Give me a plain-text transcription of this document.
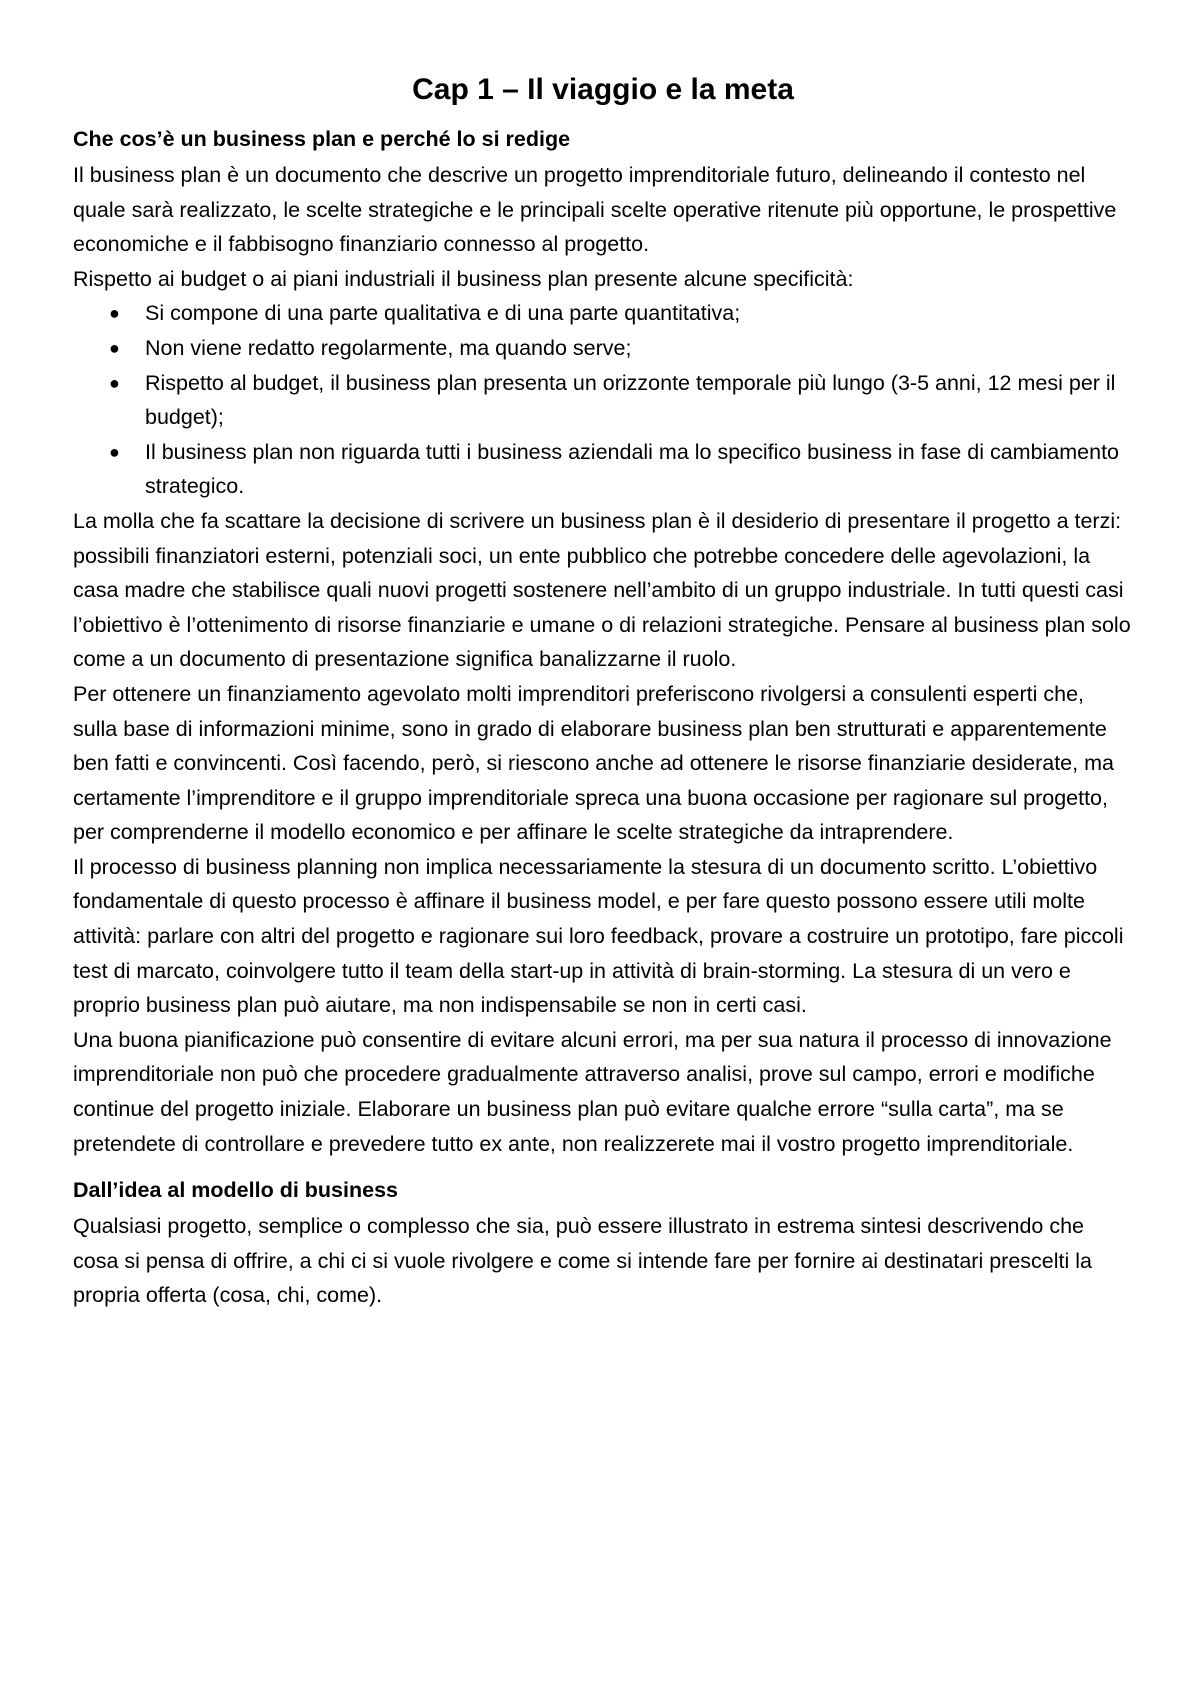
Cap 1 – Il viaggio e la meta
Che cos’è un business plan e perché lo si redige

Il business plan è un documento che descrive un progetto imprenditoriale futuro, delineando il contesto nel quale sarà realizzato, le scelte strategiche e le principali scelte operative ritenute più opportune, le prospettive economiche e il fabbisogno finanziario connesso al progetto.

Rispetto ai budget o ai piani industriali il business plan presente alcune specificità:

● Si compone di una parte qualitativa e di una parte quantitativa;
● Non viene redatto regolarmente, ma quando serve;
● Rispetto al budget, il business plan presenta un orizzonte temporale più lungo (3-5 anni, 12 mesi per il budget);
● Il business plan non riguarda tutti i business aziendali ma lo specifico business in fase di cambiamento strategico.

La molla che fa scattare la decisione di scrivere un business plan è il desiderio di presentare il progetto a terzi: possibili finanziatori esterni, potenziali soci, un ente pubblico che potrebbe concedere delle agevolazioni, la casa madre che stabilisce quali nuovi progetti sostenere nell’ambito di un gruppo industriale. In tutti questi casi l’obiettivo è l’ottenimento di risorse finanziarie e umane o di relazioni strategiche. Pensare al business plan solo come a un documento di presentazione significa banalizzarne il ruolo.

Per ottenere un finanziamento agevolato molti imprenditori preferiscono rivolgersi a consulenti esperti che, sulla base di informazioni minime, sono in grado di elaborare business plan ben strutturati e apparentemente ben fatti e convincenti. Così facendo, però, si riescono anche ad ottenere le risorse finanziarie desiderate, ma certamente l’imprenditore e il gruppo imprenditoriale spreca una buona occasione per ragionare sul progetto, per comprenderne il modello economico e per affinare le scelte strategiche da intraprendere.

Il processo di business planning non implica necessariamente la stesura di un documento scritto. L’obiettivo fondamentale di questo processo è affinare il business model, e per fare questo possono essere utili molte attività: parlare con altri del progetto e ragionare sui loro feedback, provare a costruire un prototipo, fare piccoli test di marcato, coinvolgere tutto il team della start-up in attività di brain-storming. La stesura di un vero e proprio business plan può aiutare, ma non indispensabile se non in certi casi.

Una buona pianificazione può consentire di evitare alcuni errori, ma per sua natura il processo di innovazione imprenditoriale non può che procedere gradualmente attraverso analisi, prove sul campo, errori e modifiche continue del progetto iniziale. Elaborare un business plan può evitare qualche errore “sulla carta”, ma se pretendete di controllare e prevedere tutto ex ante, non realizzerete mai il vostro progetto imprenditoriale.

Dall’idea al modello di business

Qualsiasi progetto, semplice o complesso che sia, può essere illustrato in estrema sintesi descrivendo che cosa si pensa di offrire, a chi ci si vuole rivolgere e come si intende fare per fornire ai destinatari prescelti la propria offerta (cosa, chi, come).
